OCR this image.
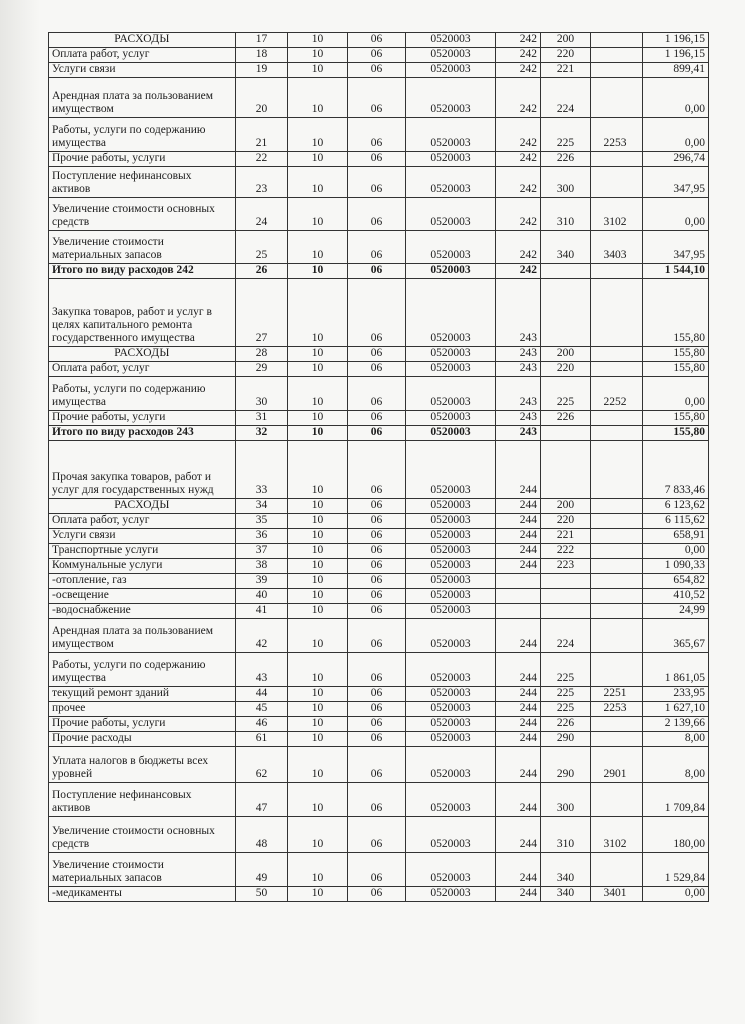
РАСХОДЫ	17	10	06	0520003	242	200		1 196,15
Оплата работ, услуг	18	10	06	0520003	242	220		1 196,15
Услуги связи	19	10	06	0520003	242	221		899,41
Арендная плата за пользованием имуществом	20	10	06	0520003	242	224		0,00
Работы, услуги по содержанию имущества	21	10	06	0520003	242	225	2253	0,00
Прочие работы, услуги	22	10	06	0520003	242	226		296,74
Поступление нефинансовых активов	23	10	06	0520003	242	300		347,95
Увеличение стоимости основных средств	24	10	06	0520003	242	310	3102	0,00
Увеличение стоимости материальных запасов	25	10	06	0520003	242	340	3403	347,95
Итого по виду расходов 242	26	10	06	0520003	242			1 544,10
Закупка товаров, работ и услуг в целях капитального ремонта государственного имущества	27	10	06	0520003	243			155,80
РАСХОДЫ	28	10	06	0520003	243	200		155,80
Оплата работ, услуг	29	10	06	0520003	243	220		155,80
Работы, услуги по содержанию имущества	30	10	06	0520003	243	225	2252	0,00
Прочие работы, услуги	31	10	06	0520003	243	226		155,80
Итого по виду расходов 243	32	10	06	0520003	243			155,80
Прочая закупка товаров, работ и услуг для государственных нужд	33	10	06	0520003	244			7 833,46
РАСХОДЫ	34	10	06	0520003	244	200		6 123,62
Оплата работ, услуг	35	10	06	0520003	244	220		6 115,62
Услуги связи	36	10	06	0520003	244	221		658,91
Транспортные услуги	37	10	06	0520003	244	222		0,00
Коммунальные услуги	38	10	06	0520003	244	223		1 090,33
-отопление, газ	39	10	06	0520003				654,82
-освещение	40	10	06	0520003				410,52
-водоснабжение	41	10	06	0520003				24,99
Арендная плата за пользованием имуществом	42	10	06	0520003	244	224		365,67
Работы, услуги по содержанию имущества	43	10	06	0520003	244	225		1 861,05
текущий ремонт зданий	44	10	06	0520003	244	225	2251	233,95
прочее	45	10	06	0520003	244	225	2253	1 627,10
Прочие работы, услуги	46	10	06	0520003	244	226		2 139,66
Прочие расходы	61	10	06	0520003	244	290		8,00
Уплата налогов в бюджеты всех уровней	62	10	06	0520003	244	290	2901	8,00
Поступление нефинансовых активов	47	10	06	0520003	244	300		1 709,84
Увеличение стоимости основных средств	48	10	06	0520003	244	310	3102	180,00
Увеличение стоимости материальных запасов	49	10	06	0520003	244	340		1 529,84
-медикаменты	50	10	06	0520003	244	340	3401	0,00
